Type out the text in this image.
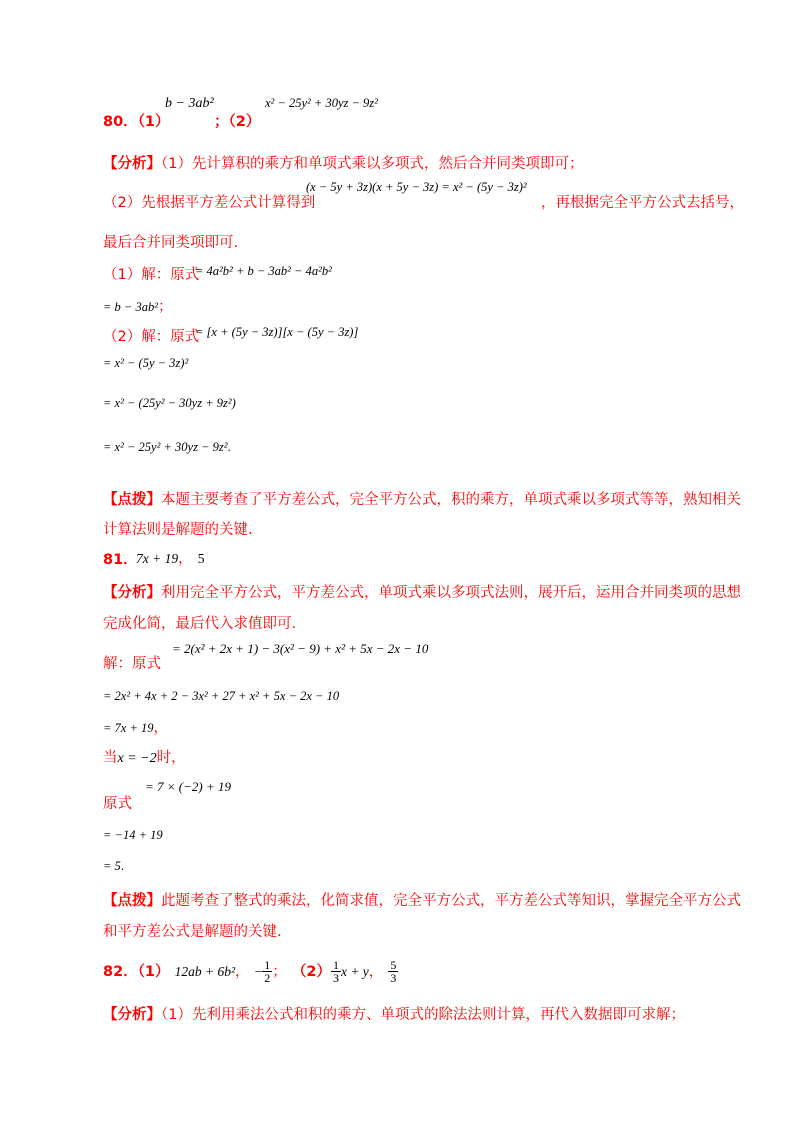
80．（1）
b − 3ab²
；（2）
x² − 25y² + 30yz − 9z²
【分析】（1）先计算积的乘方和单项式乘以多项式，然后合并同类项即可；
（2）先根据平方差公式计算得到
(x − 5y + 3z)(x + 5y − 3z) = x² − (5y − 3z)²
，再根据完全平方公式去括号，
最后合并同类项即可.
（1）解：原式
= 4a²b² + b − 3ab² − 4a²b²
= b − 3ab²；
（2）解：原式
= [x + (5y − 3z)][x − (5y − 3z)]
= x² − (5y − 3z)²
= x² − (25y² − 30yz + 9z²)
= x² − 25y² + 30yz − 9z².
【点拨】本题主要考查了平方差公式，完全平方公式，积的乘方，单项式乘以多项式等等，熟知相关
计算法则是解题的关键.
81．
7x + 19， 5
【分析】利用完全平方公式，平方差公式，单项式乘以多项式法则，展开后，运用合并同类项的思想
完成化简，最后代入求值即可.
解：原式
= 2(x² + 2x + 1) − 3(x² − 9) + x² + 5x − 2x − 10
= 2x² + 4x + 2 − 3x² + 27 + x² + 5x − 2x − 10
= 7x + 19，
当x = −2时，
原式
= 7 × (−2) + 19
= −14 + 19
= 5.
【点拨】此题考查了整式的乘法，化简求值，完全平方公式，平方差公式等知识，掌握完全平方公式
和平方差公式是解题的关键.
82．（1） 12ab + 6b²， − $\frac{1}{2}$ ； $(2) \frac{1}{3}$ x + y， $\frac{5}{3}$
【分析】（1）先利用乘法公式和积的乘方、单项式的除法法则计算，再代入数据即可求解；
